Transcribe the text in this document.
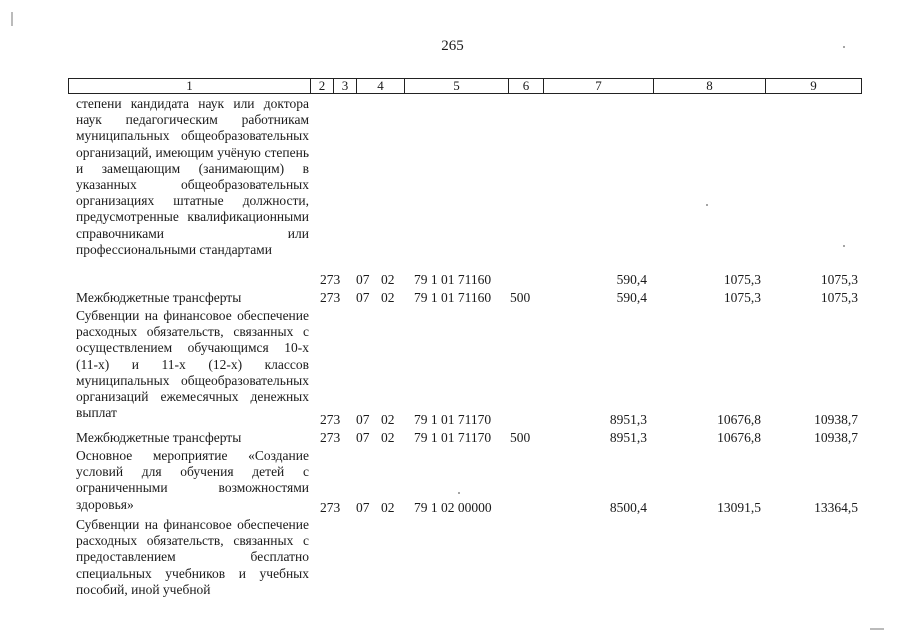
265
1	2	3	4	5	6	7	8	9
степени кандидата наук или доктора наук педагогическим работникам муниципальных общеобразовательных организаций, имеющим учёную степень и замещающим (занимающим) в указанных общеобразовательных организациях штатные должности, предусмотренные квалификационными справочниками или профессиональными стандартами
273 07 02 79 1 01 71160	590,4	1075,3	1075,3
Межбюджетные трансферты	273 07 02 79 1 01 71160 500	590,4	1075,3	1075,3
Субвенции на финансовое обеспечение расходных обязательств, связанных с осуществлением обучающимся 10-х (11-х) и 11-х (12-х) классов муниципальных общеобразовательных организаций ежемесячных денежных выплат	273 07 02 79 1 01 71170	8951,3	10676,8	10938,7
Межбюджетные трансферты	273 07 02 79 1 01 71170 500	8951,3	10676,8	10938,7
Основное мероприятие «Создание условий для обучения детей с ограниченными возможностями здоровья»	273 07 02 79 1 02 00000	8500,4	13091,5	13364,5
Субвенции на финансовое обеспечение расходных обязательств, связанных с предоставлением бесплатно специальных учебников и учебных пособий, иной учебной
